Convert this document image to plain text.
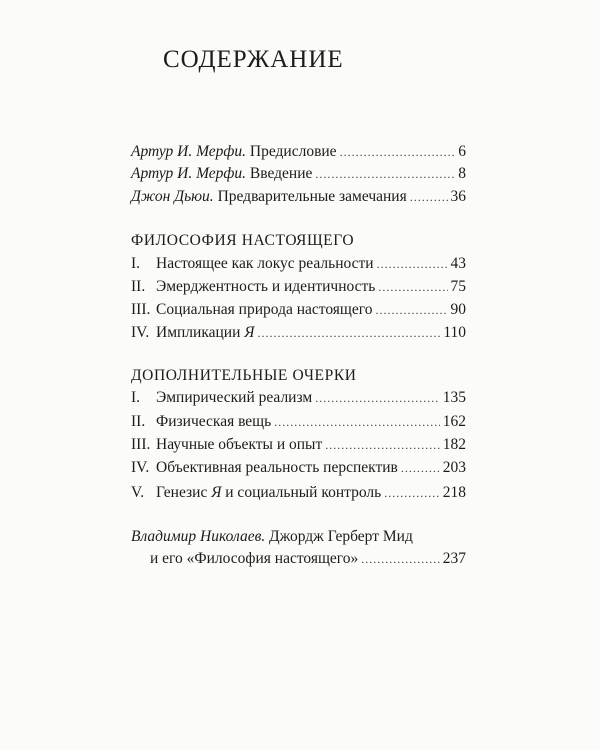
СОДЕРЖАНИЕ
Артур И. Мерфи. Предисловие .....	6
Артур И. Мерфи. Введение .....	8
Джон Дьюи. Предварительные замечания .....	36
ФИЛОСОФИЯ НАСТОЯЩЕГО
I.	Настоящее как локус реальности .....	43
II. Эмерджентность и идентичность .....	75
III. Социальная природа настоящего .....	90
IV. Импликации Я .....	110
ДОПОЛНИТЕЛЬНЫЕ ОЧЕРКИ
I.	Эмпирический реализм .....	135
II. Физическая вещь .....	162
III. Научные объекты и опыт .....	182
IV. Объективная реальность перспектив .....	203
V. Генезис Я и социальный контроль .....	218
Владимир Николаев. Джордж Герберт Мид
и его «Философия настоящего» .....	237
